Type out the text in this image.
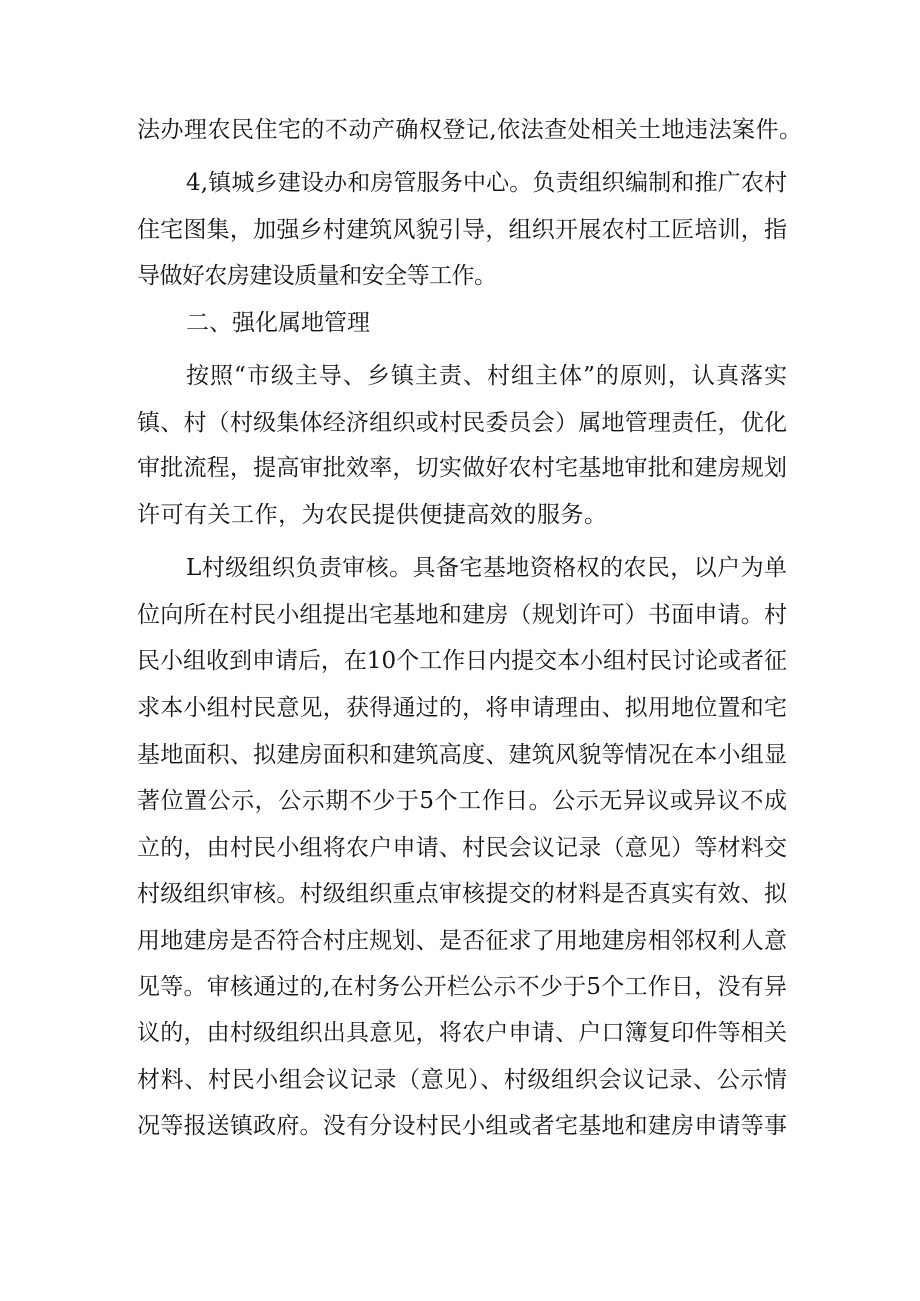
法办理农民住宅的不动产确权登记,依法查处相关土地违法案件。
4,镇城乡建设办和房管服务中心。负责组织编制和推广农村
住宅图集，加强乡村建筑风貌引导，组织开展农村工匠培训，指
导做好农房建设质量和安全等工作。
二、强化属地管理
按照“市级主导、乡镇主责、村组主体”的原则，认真落实
镇、村（村级集体经济组织或村民委员会）属地管理责任，优化
审批流程，提高审批效率，切实做好农村宅基地审批和建房规划
许可有关工作，为农民提供便捷高效的服务。
L村级组织负责审核。具备宅基地资格权的农民，以户为单
位向所在村民小组提出宅基地和建房（规划许可）书面申请。村
民小组收到申请后，在10个工作日内提交本小组村民讨论或者征
求本小组村民意见，获得通过的，将申请理由、拟用地位置和宅
基地面积、拟建房面积和建筑高度、建筑风貌等情况在本小组显
著位置公示，公示期不少于5个工作日。公示无异议或异议不成
立的，由村民小组将农户申请、村民会议记录（意见）等材料交
村级组织审核。村级组织重点审核提交的材料是否真实有效、拟
用地建房是否符合村庄规划、是否征求了用地建房相邻权利人意
见等。审核通过的,在村务公开栏公示不少于5个工作日，没有异
议的，由村级组织出具意见，将农户申请、户口簿复印件等相关
材料、村民小组会议记录（意见）、村级组织会议记录、公示情
况等报送镇政府。没有分设村民小组或者宅基地和建房申请等事
